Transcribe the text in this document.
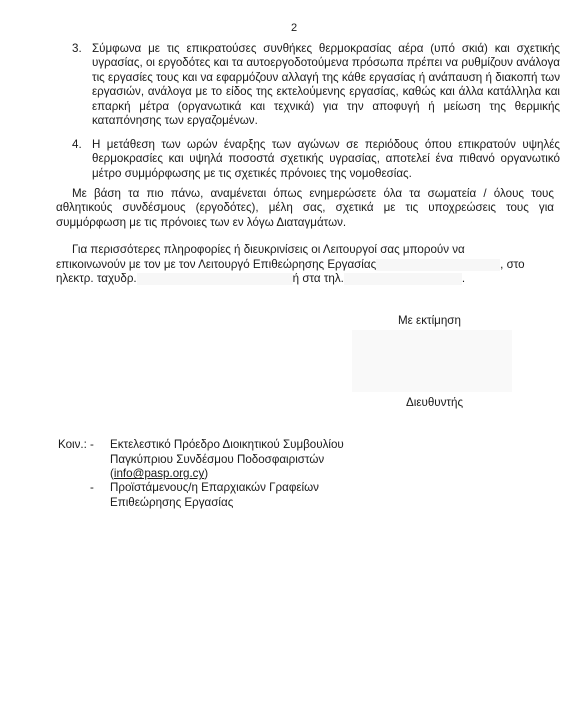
2
3. Σύμφωνα με τις επικρατούσες συνθήκες θερμοκρασίας αέρα (υπό σκιά) και σχετικής υγρασίας, οι εργοδότες και τα αυτοεργοδοτούμενα πρόσωπα πρέπει να ρυθμίζουν ανάλογα τις εργασίες τους και να εφαρμόζουν αλλαγή της κάθε εργασίας ή ανάπαυση ή διακοπή των εργασιών, ανάλογα με το είδος της εκτελούμενης εργασίας, καθώς και άλλα κατάλληλα και επαρκή μέτρα (οργανωτικά και τεχνικά) για την αποφυγή ή μείωση της θερμικής καταπόνησης των εργαζομένων.
4. Η μετάθεση των ωρών έναρξης των αγώνων σε περιόδους όπου επικρατούν υψηλές θερμοκρασίες και υψηλά ποσοστά σχετικής υγρασίας, αποτελεί ένα πιθανό οργανωτικό μέτρο συμμόρφωσης με τις σχετικές πρόνοιες της νομοθεσίας.
Με βάση τα πιο πάνω, αναμένεται όπως ενημερώσετε όλα τα σωματεία / όλους τους αθλητικούς συνδέσμους (εργοδότες), μέλη σας, σχετικά με τις υποχρεώσεις τους για συμμόρφωση με τις πρόνοιες των εν λόγω Διαταγμάτων.
Για περισσότερες πληροφορίες ή διευκρινίσεις οι Λειτουργοί σας μπορούν να
επικοινωνούν με τον με τον Λειτουργό Επιθεώρησης Εργασίας	, στο
ηλεκτρ. ταχυδρ.	ή στα τηλ.	.
Με εκτίμηση
Διευθυντής
Κοιν.: - Εκτελεστικό Πρόεδρο Διοικητικού Συμβουλίου
Παγκύπριου Συνδέσμου Ποδοσφαιριστών
(info@pasp.org.cy)
- Προϊστάμενους/η Επαρχιακών Γραφείων
Επιθεώρησης Εργασίας
